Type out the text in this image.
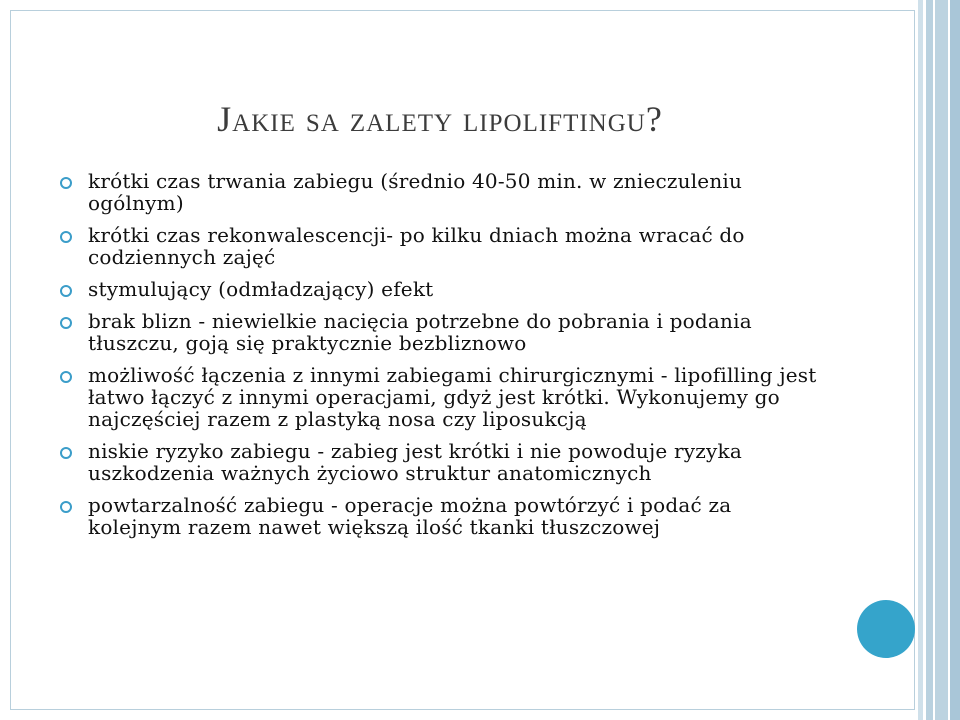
Jakie sa zalety lipoliftingu?
krótki czas trwania zabiegu (średnio 40-50 min. w znieczuleniu ogólnym)
krótki czas rekonwalescencji- po kilku dniach można wracać do codziennych zajęć
stymulujący (odmładzający) efekt
brak blizn - niewielkie nacięcia potrzebne do pobrania i podania tłuszczu, goją się praktycznie bezbliznowo
możliwość łączenia z innymi zabiegami chirurgicznymi - lipofilling jest łatwo łączyć z innymi operacjami, gdyż jest krótki. Wykonujemy go najczęściej razem z plastyką nosa czy liposukcją
niskie ryzyko zabiegu - zabieg jest krótki i nie powoduje ryzyka uszkodzenia ważnych życiowo struktur anatomicznych
powtarzalność zabiegu - operacje można powtórzyć i podać za kolejnym razem nawet większą ilość tkanki tłuszczowej
